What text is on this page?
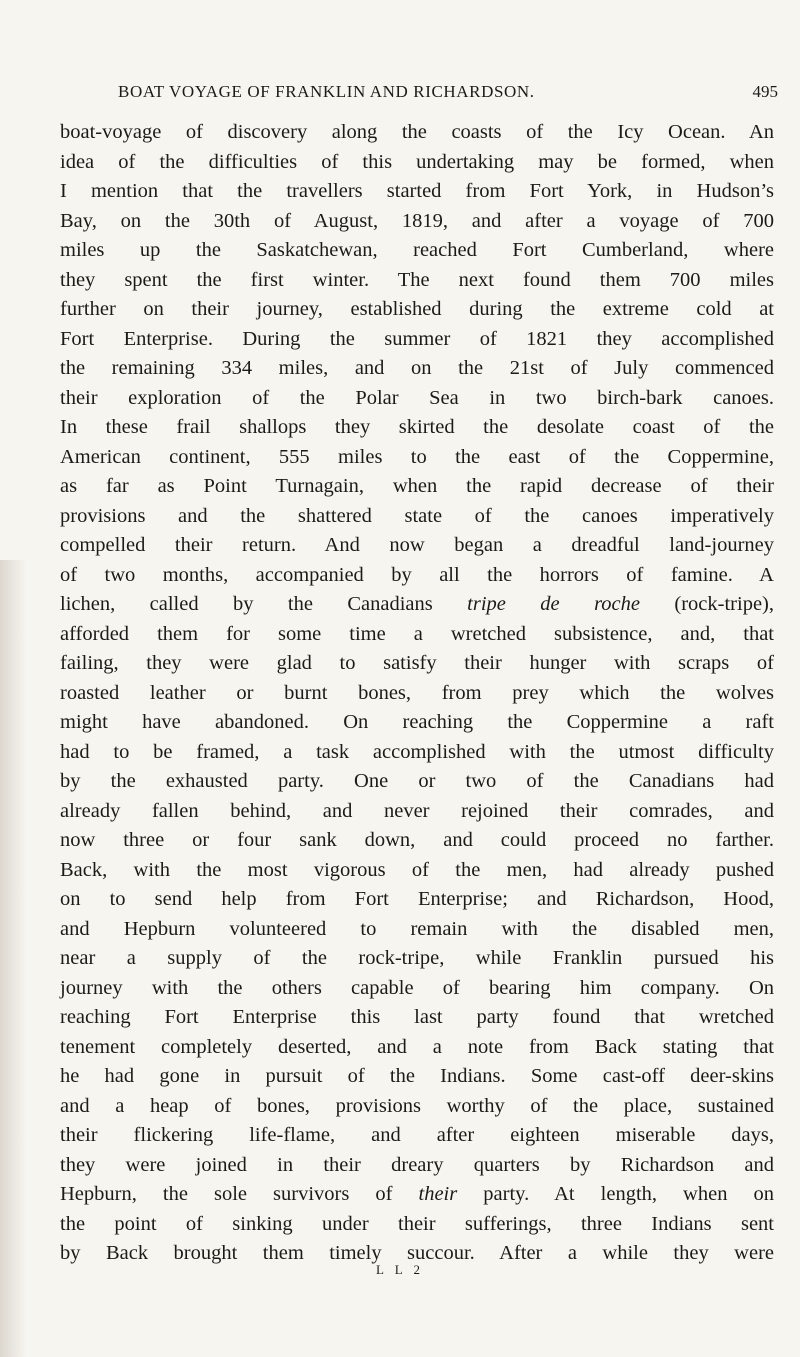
BOAT VOYAGE OF FRANKLIN AND RICHARDSON.	495
boat-voyage of discovery along the coasts of the Icy Ocean. An
idea of the difficulties of this undertaking may be formed, when
I mention that the travellers started from Fort York, in Hudson’s
Bay, on the 30th of August, 1819, and after a voyage of 700
miles up the Saskatchewan, reached Fort Cumberland, where
they spent the first winter. The next found them 700 miles
further on their journey, established during the extreme cold at
Fort Enterprise. During the summer of 1821 they accomplished
the remaining 334 miles, and on the 21st of July commenced
their exploration of the Polar Sea in two birch-bark canoes.
In these frail shallops they skirted the desolate coast of the
American continent, 555 miles to the east of the Coppermine,
as far as Point Turnagain, when the rapid decrease of their
provisions and the shattered state of the canoes imperatively
compelled their return. And now began a dreadful land-journey
of two months, accompanied by all the horrors of famine. A
lichen, called by the Canadians tripe de roche (rock-tripe),
afforded them for some time a wretched subsistence, and, that
failing, they were glad to satisfy their hunger with scraps of
roasted leather or burnt bones, from prey which the wolves
might have abandoned. On reaching the Coppermine a raft
had to be framed, a task accomplished with the utmost difficulty
by the exhausted party. One or two of the Canadians had
already fallen behind, and never rejoined their comrades, and
now three or four sank down, and could proceed no farther.
Back, with the most vigorous of the men, had already pushed
on to send help from Fort Enterprise; and Richardson, Hood,
and Hepburn volunteered to remain with the disabled men,
near a supply of the rock-tripe, while Franklin pursued his
journey with the others capable of bearing him company. On
reaching Fort Enterprise this last party found that wretched
tenement completely deserted, and a note from Back stating that
he had gone in pursuit of the Indians. Some cast-off deer-skins
and a heap of bones, provisions worthy of the place, sustained
their flickering life-flame, and after eighteen miserable days,
they were joined in their dreary quarters by Richardson and
Hepburn, the sole survivors of their party. At length, when on
the point of sinking under their sufferings, three Indians sent
by Back brought them timely succour. After a while they were
L L 2
